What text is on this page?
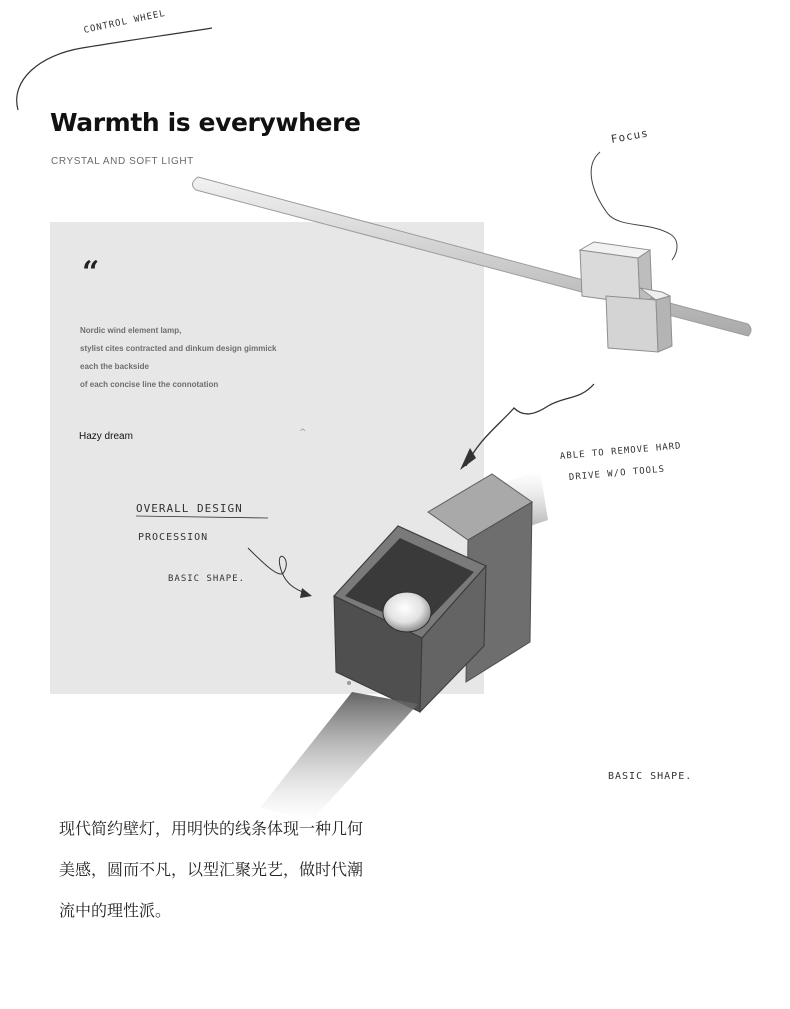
Warmth is everywhere
CRYSTAL AND SOFT LIGHT
“
Nordic wind element lamp,
stylist cites contracted and dinkum design gimmick
each the backside
of each concise line the connotation
Hazy dream	^
CONTROL WHEEL
Focus
ABLE TO REMOVE HARD
DRIVE W/O TOOLS
OVERALL DESIGN
PROCESSION
BASIC SHAPE.
BASIC SHAPE.
现代简约壁灯，用明快的线条体现一种几何
美感，圆而不凡，以型汇聚光艺，做时代潮
流中的理性派。
